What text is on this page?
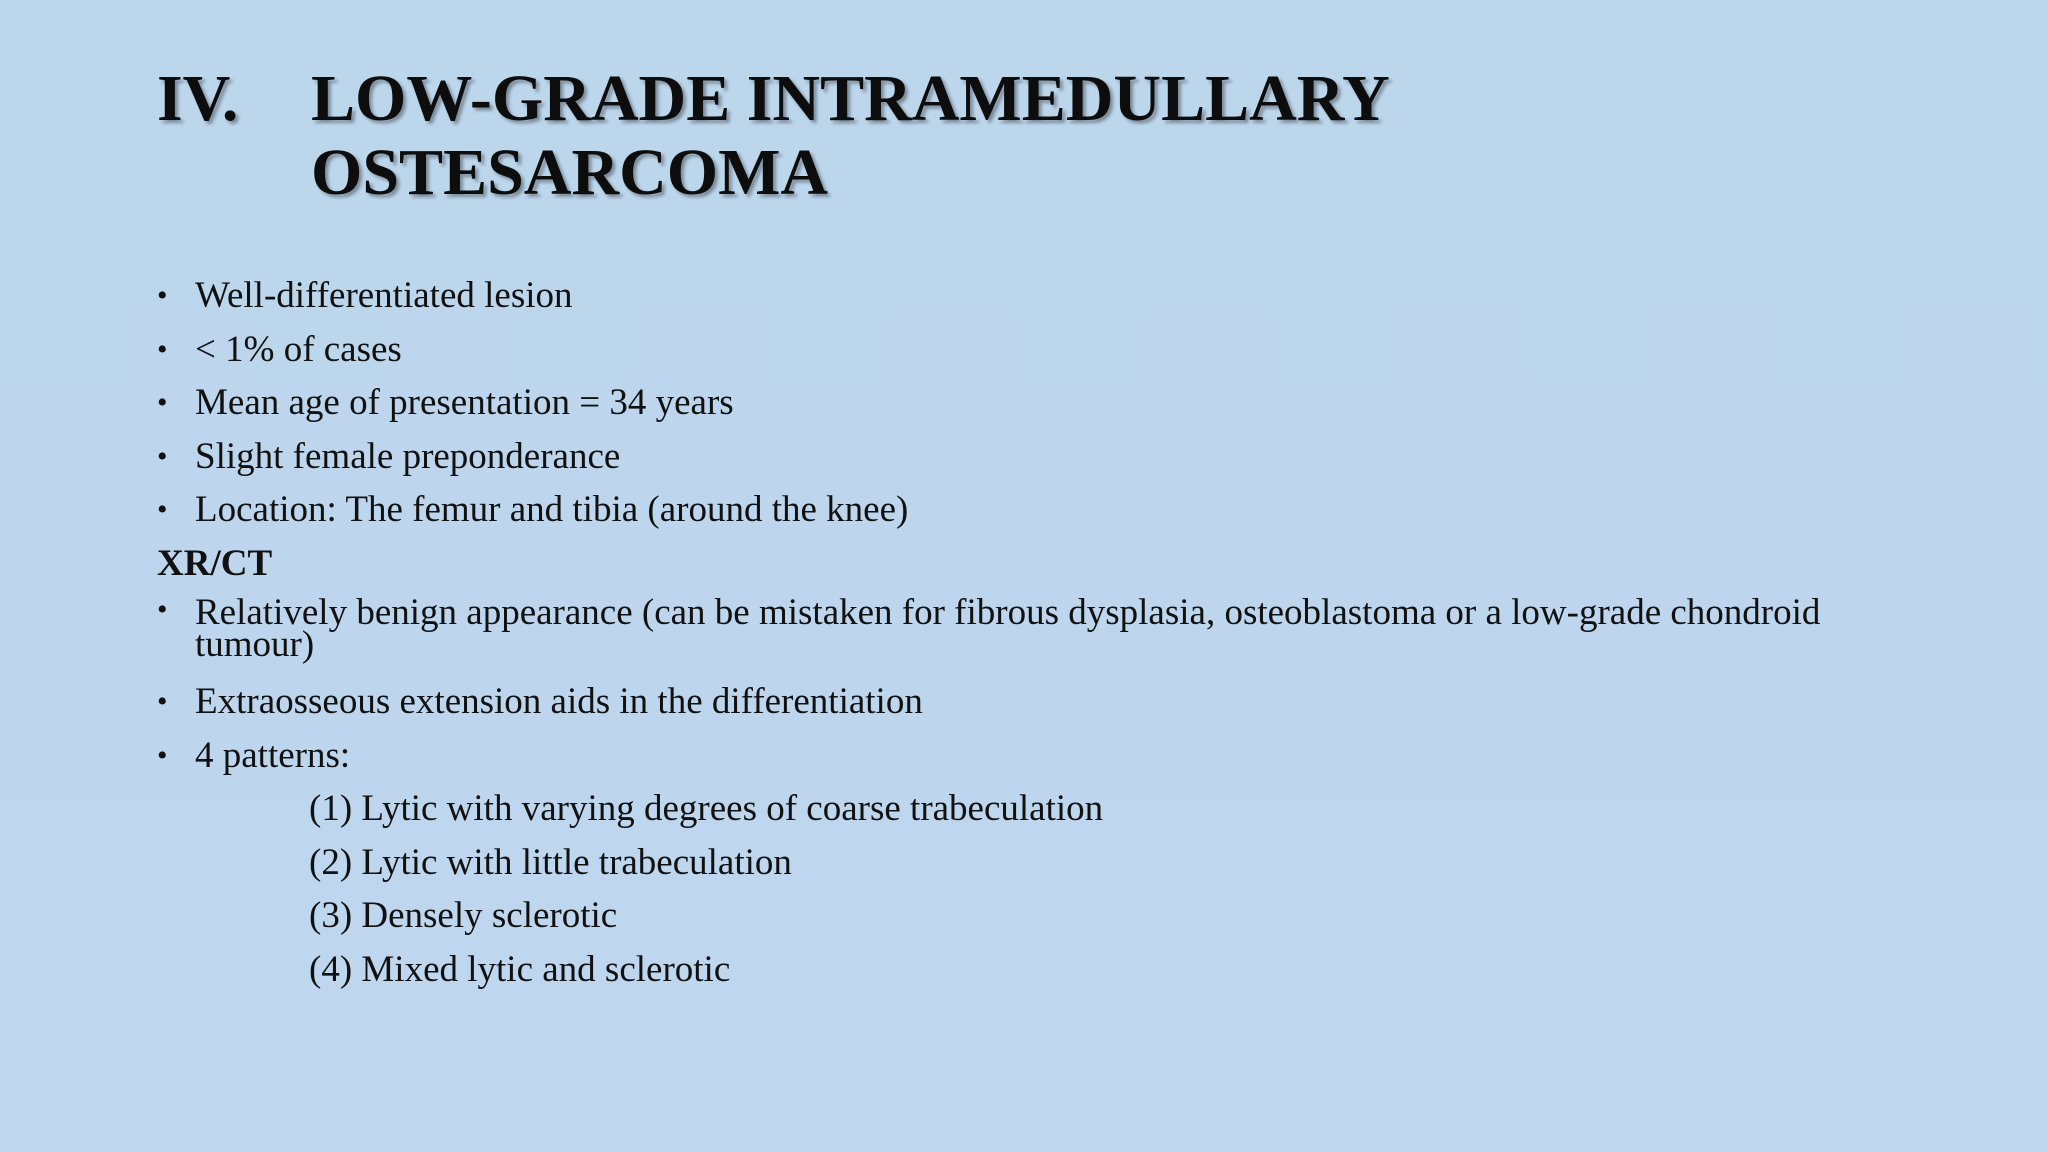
IV.	LOW-GRADE INTRAMEDULLARY
OSTESARCOMA
• Well-differentiated lesion
• < 1% of cases
• Mean age of presentation = 34 years
• Slight female preponderance
• Location: The femur and tibia (around the knee)
XR/CT
• Relatively benign appearance (can be mistaken for fibrous dysplasia, osteoblastoma or a low-grade chondroid tumour)
• Extraosseous extension aids in the differentiation
• 4 patterns:
(1) Lytic with varying degrees of coarse trabeculation
(2) Lytic with little trabeculation
(3) Densely sclerotic
(4) Mixed lytic and sclerotic
